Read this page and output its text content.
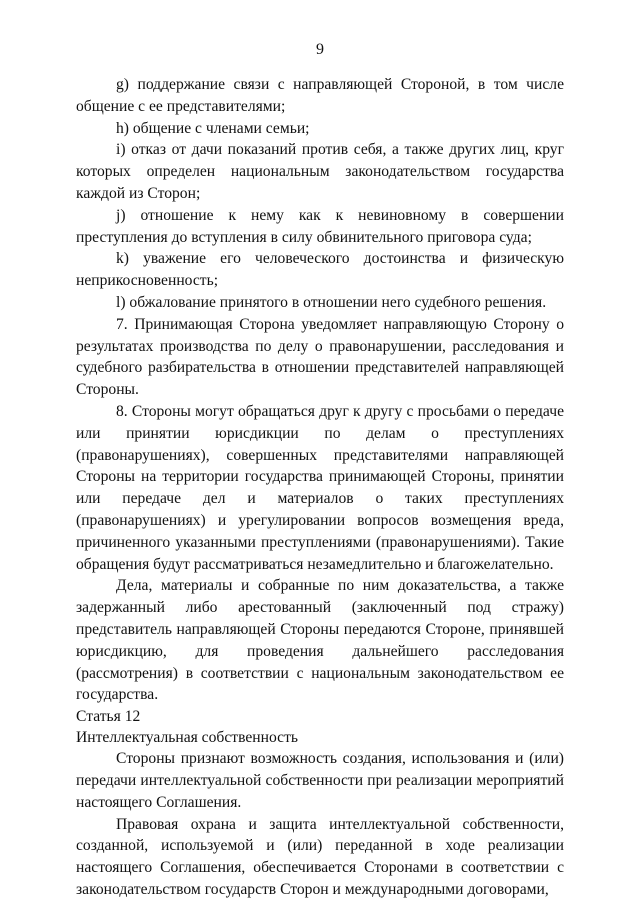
9

g) поддержание связи с направляющей Стороной, в том числе общение с ее представителями;

h) общение с членами семьи;

i) отказ от дачи показаний против себя, а также других лиц, круг которых определен национальным законодательством государства каждой из Сторон;

j) отношение к нему как к невиновному в совершении преступления до вступления в силу обвинительного приговора суда;

k) уважение его человеческого достоинства и физическую неприкосновенность;

l) обжалование принятого в отношении него судебного решения.

7. Принимающая Сторона уведомляет направляющую Сторону о результатах производства по делу о правонарушении, расследования и судебного разбирательства в отношении представителей направляющей Стороны.

8. Стороны могут обращаться друг к другу с просьбами о передаче или принятии юрисдикции по делам о преступлениях (правонарушениях), совершенных представителями направляющей Стороны на территории государства принимающей Стороны, принятии или передаче дел и материалов о таких преступлениях (правонарушениях) и урегулировании вопросов возмещения вреда, причиненного указанными преступлениями (правонарушениями). Такие обращения будут рассматриваться незамедлительно и благожелательно.

Дела, материалы и собранные по ним доказательства, а также задержанный либо арестованный (заключенный под стражу) представитель направляющей Стороны передаются Стороне, принявшей юрисдикцию, для проведения дальнейшего расследования (рассмотрения) в соответствии с национальным законодательством ее государства.

Статья 12

Интеллектуальная собственность

Стороны признают возможность создания, использования и (или) передачи интеллектуальной собственности при реализации мероприятий настоящего Соглашения.

Правовая охрана и защита интеллектуальной собственности, созданной, используемой и (или) переданной в ходе реализации настоящего Соглашения, обеспечивается Сторонами в соответствии с законодательством государств Сторон и международными договорами,
